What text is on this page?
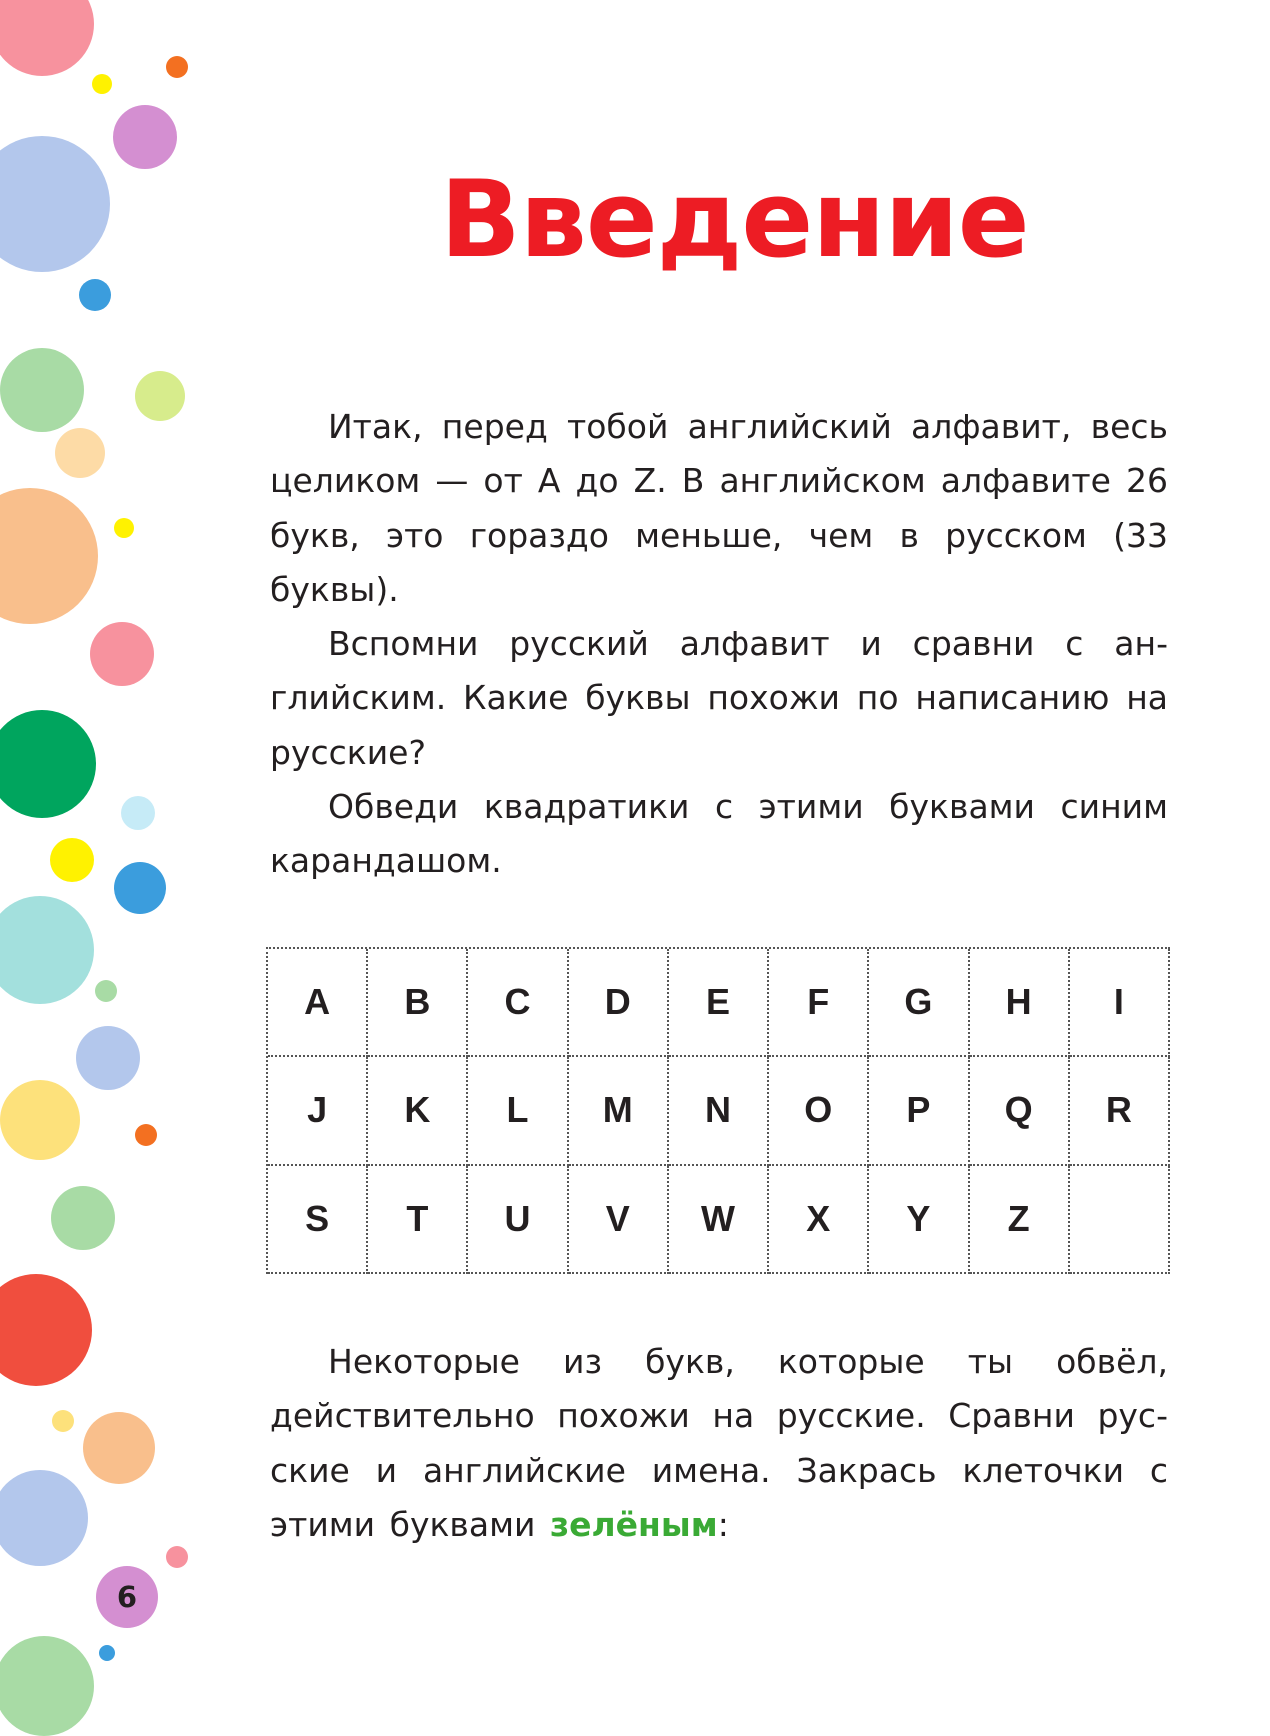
6
Введение

Итак, перед тобой английский алфавит, весь целиком — от A до Z. В английском алфавите 26 букв, это гораздо меньше, чем в русском (33 буквы).

Вспомни русский алфавит и сравни с английским. Какие буквы похожи по написанию на русские?

Обведи квадратики с этими буквами синим карандашом.

A	B	C	D	E	F	G	H	I
J	K	L	M	N	O	P	Q	R
S	T	U	V	W	X	Y	Z

Некоторые из букв, которые ты обвёл, действительно похожи на русские. Сравни русские и английские имена. Закрась клеточки с этими буквами зелёным:
